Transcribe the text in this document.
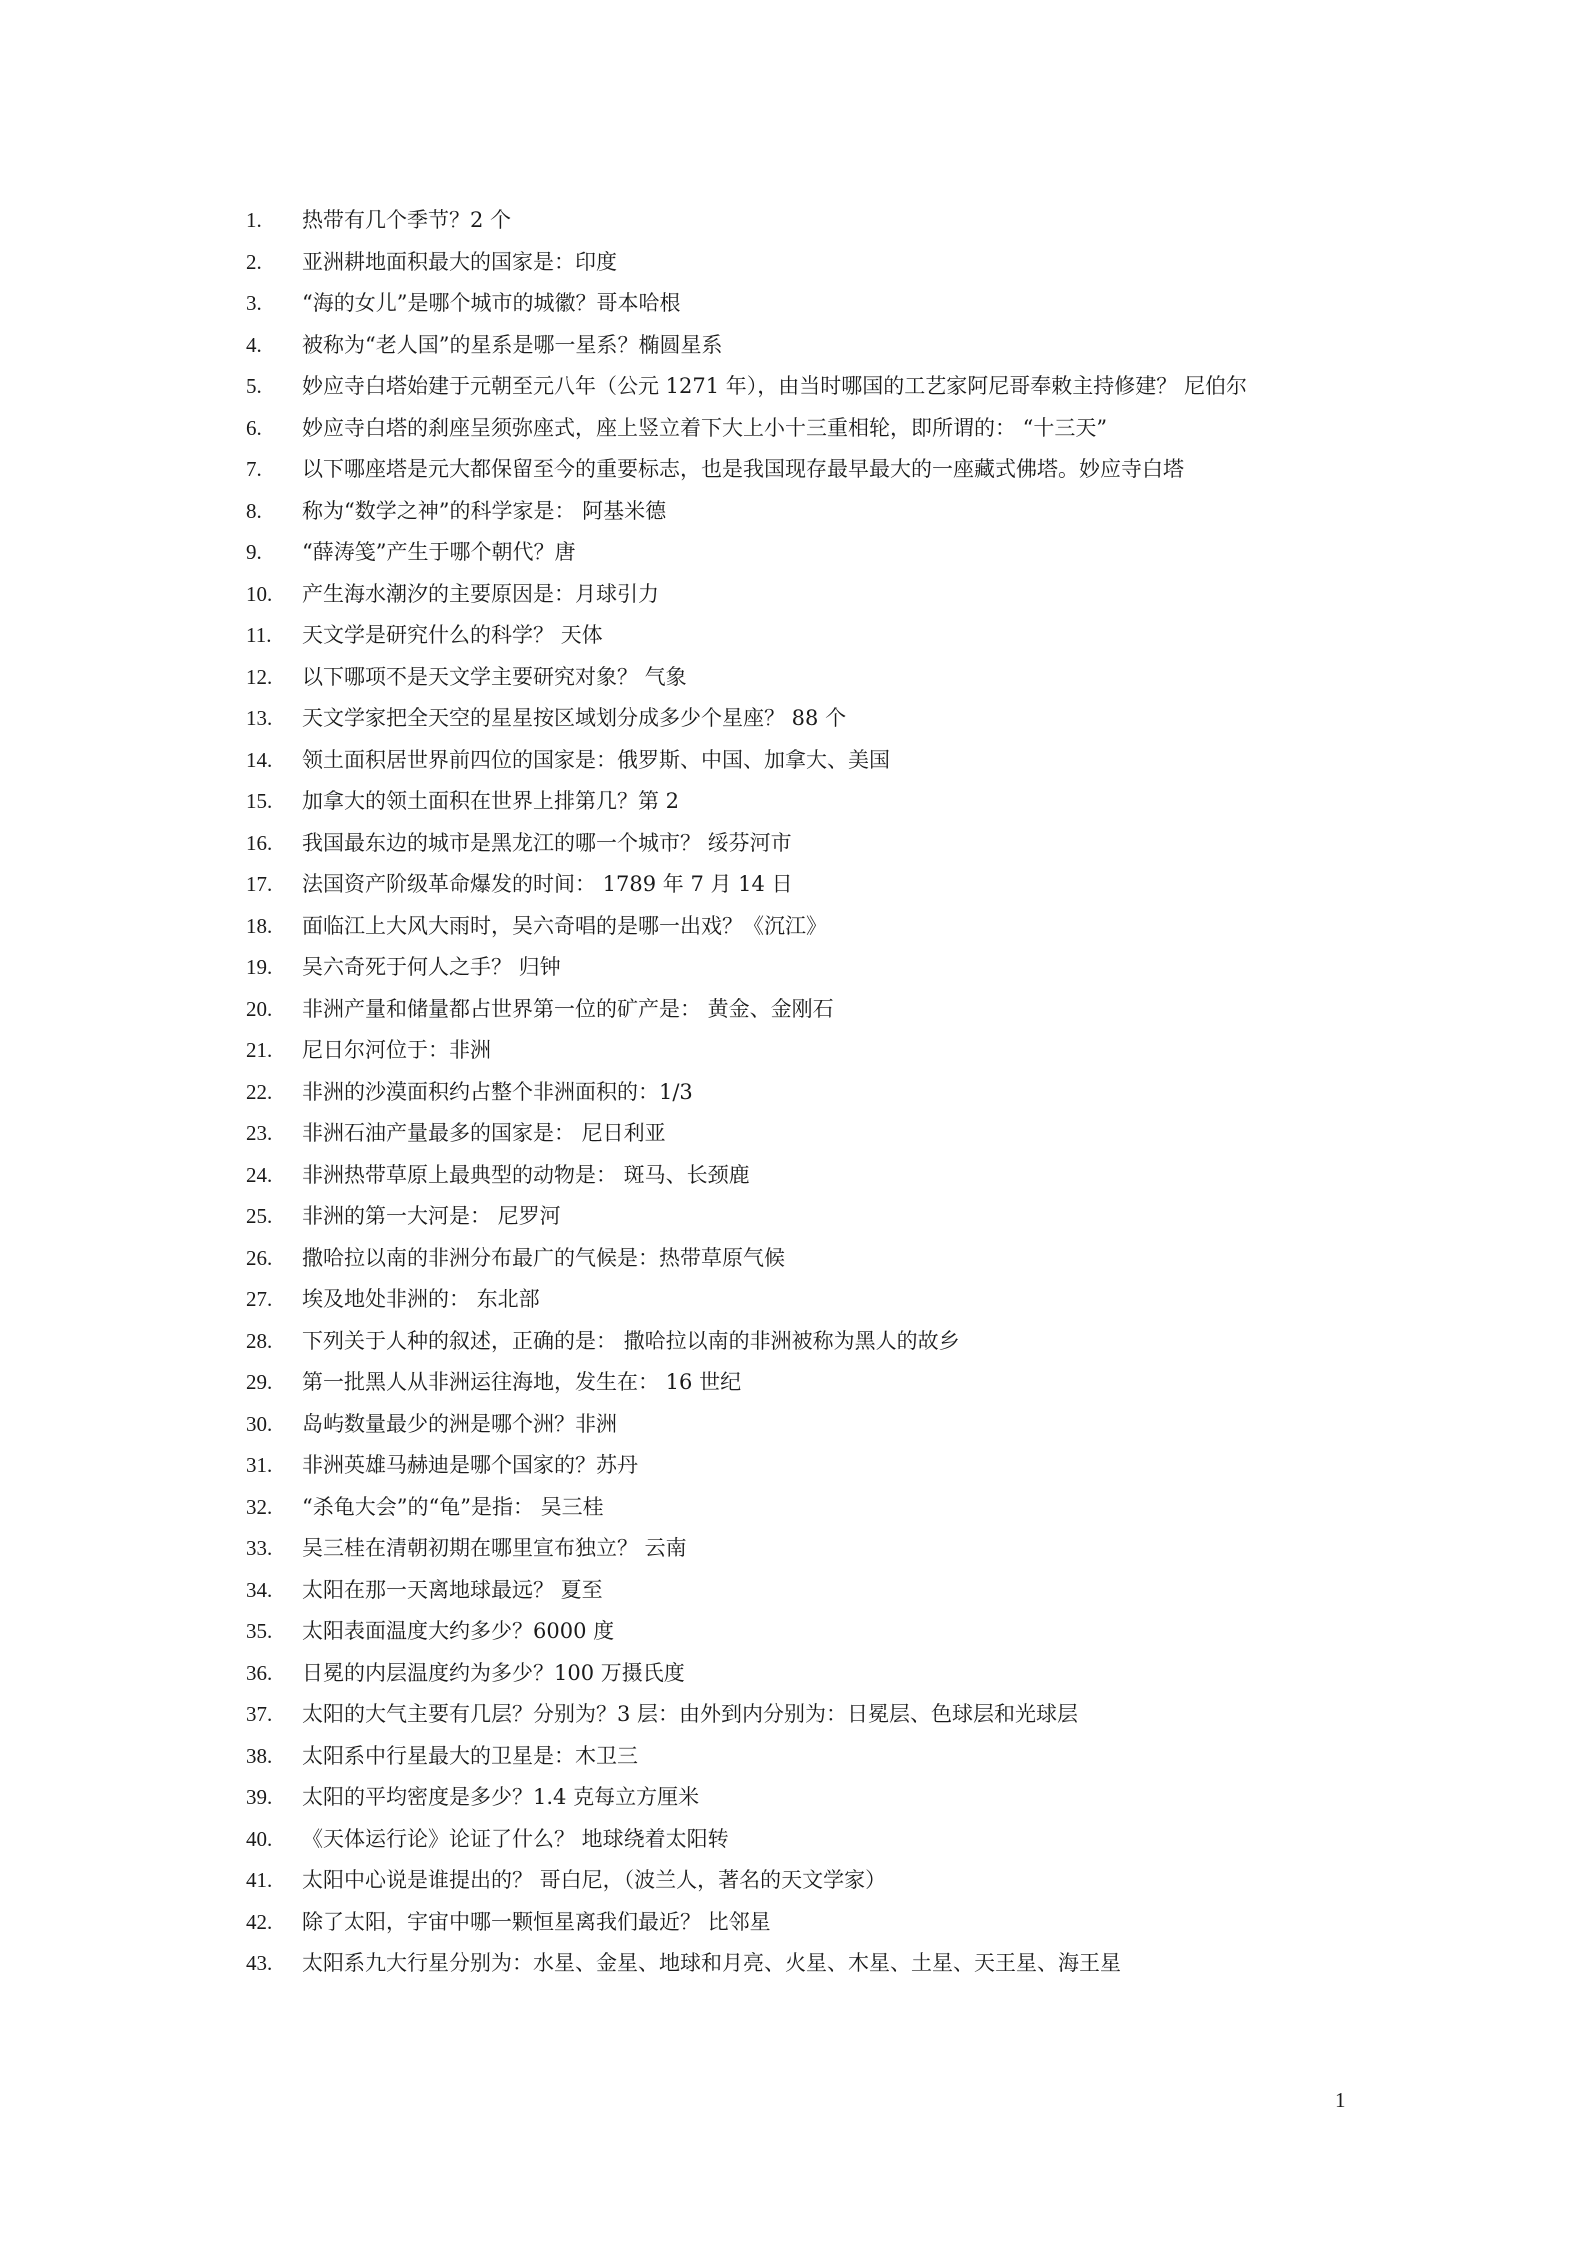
1.	热带有几个季节？2 个
2.	亚洲耕地面积最大的国家是：印度
3.	“海的女儿”是哪个城市的城徽？哥本哈根
4.	被称为“老人国”的星系是哪一星系？椭圆星系
5.	妙应寺白塔始建于元朝至元八年（公元 1271 年），由当时哪国的工艺家阿尼哥奉敕主持修建？ 尼伯尔
6.	妙应寺白塔的刹座呈须弥座式，座上竖立着下大上小十三重相轮，即所谓的： “十三天”
7.	以下哪座塔是元大都保留至今的重要标志，也是我国现存最早最大的一座藏式佛塔。妙应寺白塔
8.	称为“数学之神”的科学家是： 阿基米德
9.	“薛涛笺”产生于哪个朝代？唐
10.	产生海水潮汐的主要原因是：月球引力
11.	天文学是研究什么的科学？ 天体
12.	以下哪项不是天文学主要研究对象？ 气象
13.	天文学家把全天空的星星按区域划分成多少个星座？ 88 个
14.	领土面积居世界前四位的国家是：俄罗斯、中国、加拿大、美国
15.	加拿大的领土面积在世界上排第几？第 2
16.	我国最东边的城市是黑龙江的哪一个城市？ 绥芬河市
17.	法国资产阶级革命爆发的时间： 1789 年 7 月 14 日
18.	面临江上大风大雨时，吴六奇唱的是哪一出戏？《沉江》
19.	吴六奇死于何人之手？ 归钟
20.	非洲产量和储量都占世界第一位的矿产是： 黄金、金刚石
21.	尼日尔河位于：非洲
22.	非洲的沙漠面积约占整个非洲面积的：1/3
23.	非洲石油产量最多的国家是： 尼日利亚
24.	非洲热带草原上最典型的动物是： 斑马、长颈鹿
25.	非洲的第一大河是： 尼罗河
26.	撒哈拉以南的非洲分布最广的气候是：热带草原气候
27.	埃及地处非洲的： 东北部
28.	下列关于人种的叙述，正确的是： 撒哈拉以南的非洲被称为黑人的故乡
29.	第一批黑人从非洲运往海地，发生在： 16 世纪
30.	岛屿数量最少的洲是哪个洲？非洲
31.	非洲英雄马赫迪是哪个国家的？苏丹
32.	“杀龟大会”的“龟”是指： 吴三桂
33.	吴三桂在清朝初期在哪里宣布独立？ 云南
34.	太阳在那一天离地球最远？ 夏至
35.	太阳表面温度大约多少？6000 度
36.	日冕的内层温度约为多少？100 万摄氏度
37.	太阳的大气主要有几层？分别为？3 层：由外到内分别为：日冕层、色球层和光球层
38.	太阳系中行星最大的卫星是：木卫三
39.	太阳的平均密度是多少？1.4 克每立方厘米
40.	《天体运行论》论证了什么？ 地球绕着太阳转
41.	太阳中心说是谁提出的？ 哥白尼，（波兰人，著名的天文学家）
42.	除了太阳，宇宙中哪一颗恒星离我们最近？ 比邻星
43.	太阳系九大行星分别为：水星、金星、地球和月亮、火星、木星、土星、天王星、海王星
1
